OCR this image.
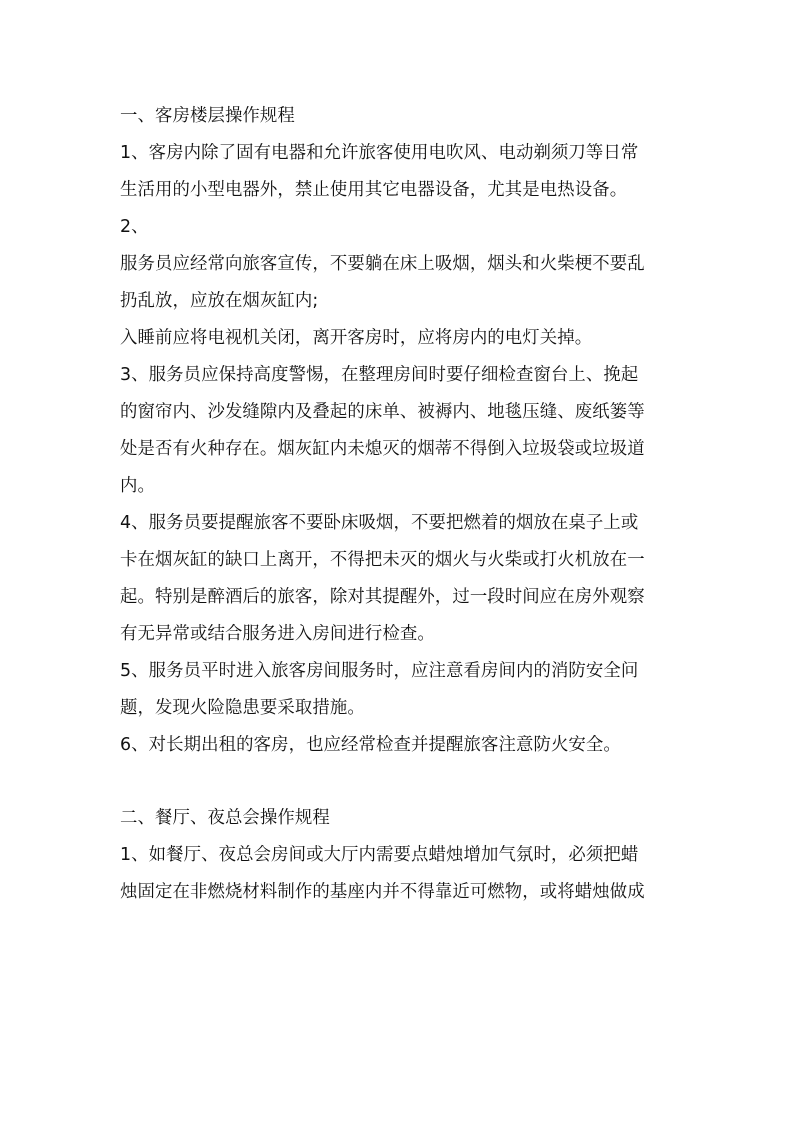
一、客房楼层操作规程
1、客房内除了固有电器和允许旅客使用电吹风、电动剃须刀等日常
生活用的小型电器外，禁止使用其它电器设备，尤其是电热设备。
2、
服务员应经常向旅客宣传，不要躺在床上吸烟，烟头和火柴梗不要乱
扔乱放，应放在烟灰缸内;
入睡前应将电视机关闭，离开客房时，应将房内的电灯关掉。
3、服务员应保持高度警惕，在整理房间时要仔细检查窗台上、挽起
的窗帘内、沙发缝隙内及叠起的床单、被褥内、地毯压缝、废纸篓等
处是否有火种存在。烟灰缸内未熄灭的烟蒂不得倒入垃圾袋或垃圾道
内。
4、服务员要提醒旅客不要卧床吸烟，不要把燃着的烟放在桌子上或
卡在烟灰缸的缺口上离开，不得把未灭的烟火与火柴或打火机放在一
起。特别是醉酒后的旅客，除对其提醒外，过一段时间应在房外观察
有无异常或结合服务进入房间进行检查。
5、服务员平时进入旅客房间服务时，应注意看房间内的消防安全问
题，发现火险隐患要采取措施。
6、对长期出租的客房，也应经常检查并提醒旅客注意防火安全。
二、餐厅、夜总会操作规程
1、如餐厅、夜总会房间或大厅内需要点蜡烛增加气氛时，必须把蜡
烛固定在非燃烧材料制作的基座内并不得靠近可燃物，或将蜡烛做成
